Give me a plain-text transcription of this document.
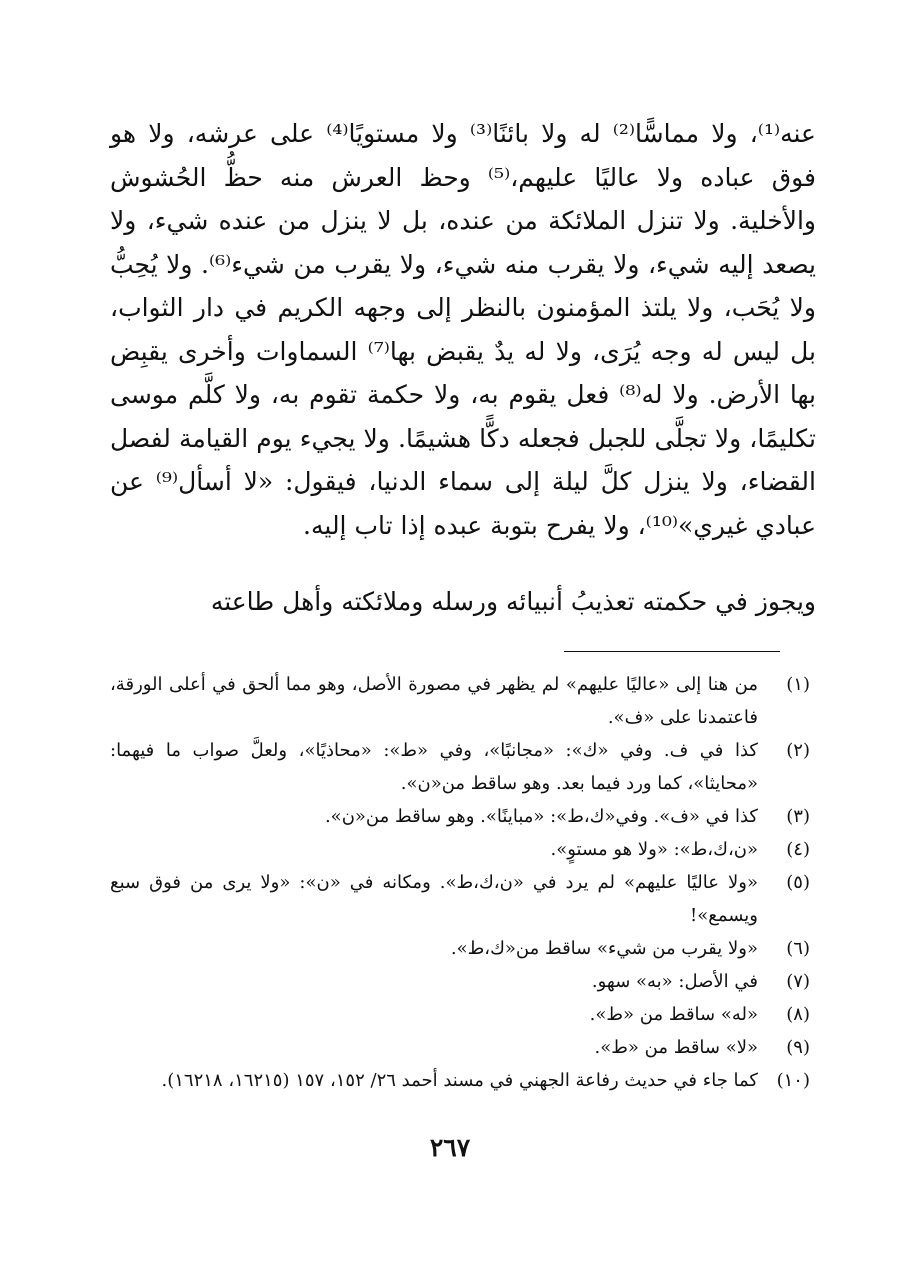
عنه⁽¹⁾، ولا مماسًّا⁽²⁾ له ولا بائنًا⁽³⁾ ولا مستويًا⁽⁴⁾ على عرشه، ولا هو فوق عباده ولا عاليًا عليهم،⁽⁵⁾ وحظ العرش منه حظُّ الحُشوش والأخلية. ولا تنزل الملائكة من عنده، بل لا ينزل من عنده شيء، ولا يصعد إليه شيء، ولا يقرب منه شيء، ولا يقرب من شيء⁽⁶⁾. ولا يُحِبُّ ولا يُحَب، ولا يلتذ المؤمنون بالنظر إلى وجهه الكريم في دار الثواب، بل ليس له وجه يُرَى، ولا له يدٌ يقبض بها⁽⁷⁾ السماوات وأخرى يقبِض بها الأرض. ولا له⁽⁸⁾ فعل يقوم به، ولا حكمة تقوم به، ولا كلَّم موسى تكليمًا، ولا تجلَّى للجبل فجعله دكًّا هشيمًا. ولا يجيء يوم القيامة لفصل القضاء، ولا ينزل كلَّ ليلة إلى سماء الدنيا، فيقول: «لا أسأل⁽⁹⁾ عن عبادي غيري»⁽¹⁰⁾، ولا يفرح بتوبة عبده إذا تاب إليه.

ويجوز في حكمته تعذيبُ أنبيائه ورسله وملائكته وأهل طاعته

(١)
من هنا إلى «عاليًا عليهم» لم يظهر في مصورة الأصل، وهو مما ألحق في أعلى الورقة، فاعتمدنا على «ف».
(٢)
كذا في ف. وفي «ك»: «مجانبًا»، وفي «ط»: «محاذيًا»، ولعلَّ صواب ما فيهما: «محايثا»، كما ورد فيما بعد. وهو ساقط من«ن».
(٣)
كذا في «ف». وفي«ك،ط»: «مباينًا». وهو ساقط من«ن».
(٤)
«ن،ك،ط»: «ولا هو مستوٍ».
(٥)
«ولا عاليًا عليهم» لم يرد في «ن،ك،ط». ومكانه في «ن»: «ولا يرى من فوق سبع ويسمع»!
(٦)
«ولا يقرب من شيء» ساقط من«ك،ط».
(٧)
في الأصل: «به» سهو.
(٨)
«له» ساقط من «ط».
(٩)
«لا» ساقط من «ط».
(١٠)
كما جاء في حديث رفاعة الجهني في مسند أحمد ٢٦/ ١٥٢، ١٥٧ (١٦٢١٥، ١٦٢١٨).
٢٦٧
